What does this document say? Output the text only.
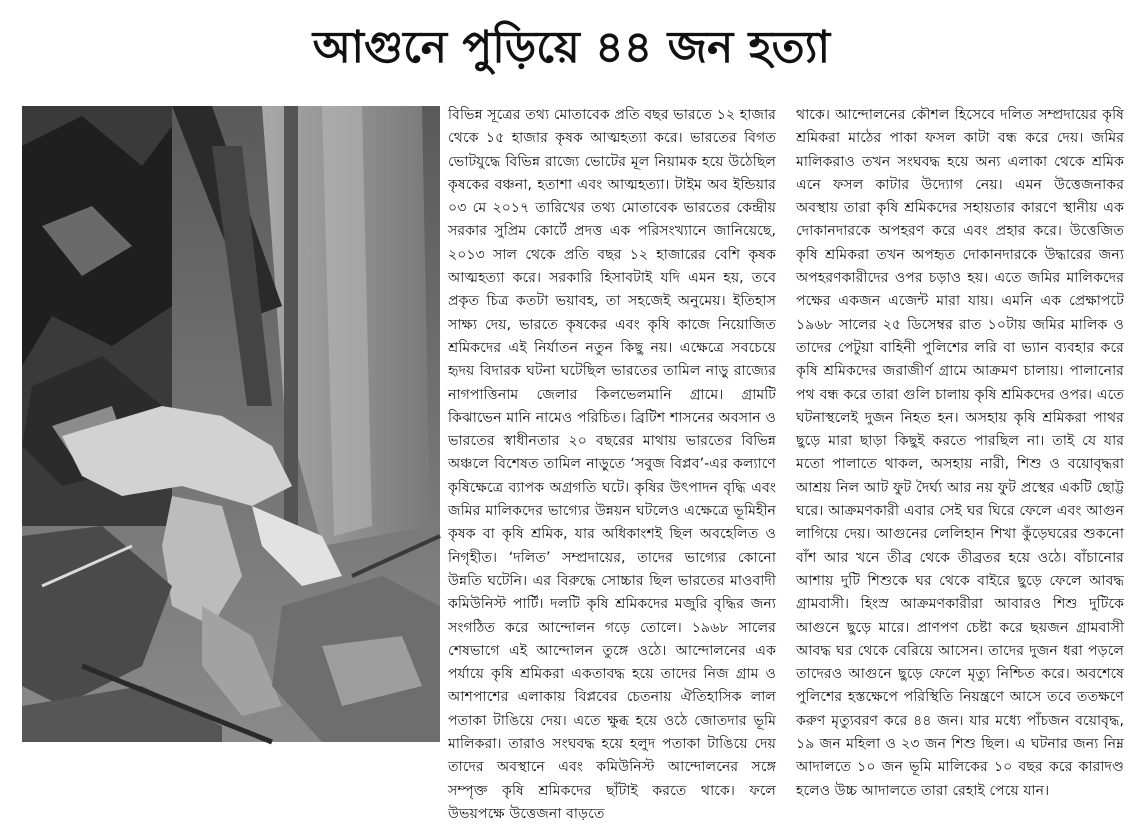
আগুনে পুড়িয়ে ৪৪ জন হত্যা

বিভিন্ন সূত্রের তথ্য মোতাবেক প্রতি বছর ভারতে ১২ হাজার থেকে ১৫ হাজার কৃষক আত্মহত্যা করে। ভারতের বিগত ভোটযুদ্ধে বিভিন্ন রাজ্যে ভোটের মূল নিয়ামক হয়ে উঠেছিল কৃষকের বঞ্চনা, হতাশা এবং আত্মহত্যা। টাইম অব ইন্ডিয়ার ০৩ মে ২০১৭ তারিখের তথ্য মোতাবেক ভারতের কেন্দ্রীয় সরকার সুপ্রিম কোর্টে প্রদত্ত এক পরিসংখ্যানে জানিয়েছে, ২০১৩ সাল থেকে প্রতি বছর ১২ হাজারের বেশি কৃষক আত্মহত্যা করে। সরকারি হিসাবটাই যদি এমন হয়, তবে প্রকৃত চিত্র কতটা ভয়াবহ, তা সহজেই অনুমেয়। ইতিহাস সাক্ষ্য দেয়, ভারতে কৃষকের এবং কৃষি কাজে নিয়োজিত শ্রমিকদের এই নির্যাতন নতুন কিছু নয়। এক্ষেত্রে সবচেয়ে হৃদয় বিদারক ঘটনা ঘটেছিল ভারতের তামিল নাড়ু রাজ্যের নাগপাত্তিনাম জেলার কিলভেলমানি গ্রামে। গ্রামটি কিঝাভেন মানি নামেও পরিচিত। ব্রিটিশ শাসনের অবসান ও ভারতের স্বাধীনতার ২০ বছরের মাথায় ভারতের বিভিন্ন অঞ্চলে বিশেষত তামিল নাড়ুতে ‘সবুজ বিপ্লব’-এর কল্যাণে কৃষিক্ষেত্রে ব্যাপক অগ্রগতি ঘটে। কৃষির উৎপাদন বৃদ্ধি এবং জমির মালিকদের ভাগ্যের উন্নয়ন ঘটলেও এক্ষেত্রে ভূমিহীন কৃষক বা কৃষি শ্রমিক, যার অধিকাংশই ছিল অবহেলিত ও নিগৃহীত। ‘দলিত’ সম্প্রদায়ের, তাদের ভাগ্যের কোনো উন্নতি ঘটেনি। এর বিরুদ্ধে সোচ্চার ছিল ভারতের মাওবাদী কমিউনিস্ট পার্টি। দলটি কৃষি শ্রমিকদের মজুরি বৃদ্ধির জন্য সংগঠিত করে আন্দোলন গড়ে তোলে। ১৯৬৮ সালের শেষভাগে এই আন্দোলন তুঙ্গে ওঠে। আন্দোলনের এক পর্যায়ে কৃষি শ্রমিকরা একতাবদ্ধ হয়ে তাদের নিজ গ্রাম ও আশপাশের এলাকায় বিপ্লবের চেতনায় ঐতিহাসিক লাল পতাকা টাঙিয়ে দেয়। এতে ক্ষুব্ধ হয়ে ওঠে জোতদার ভূমি মালিকরা। তারাও সংঘবদ্ধ হয়ে হলুদ পতাকা টাঙিয়ে দেয় তাদের অবস্থানে এবং কমিউনিস্ট আন্দোলনের সঙ্গে সম্পৃক্ত কৃষি শ্রমিকদের ছাঁটাই করতে থাকে। ফলে উভয়পক্ষে উত্তেজনা বাড়তে

থাকে। আন্দোলনের কৌশল হিসেবে দলিত সম্প্রদায়ের কৃষি শ্রমিকরা মাঠের পাকা ফসল কাটা বন্ধ করে দেয়। জমির মালিকরাও তখন সংঘবদ্ধ হয়ে অন্য এলাকা থেকে শ্রমিক এনে ফসল কাটার উদ্যোগ নেয়। এমন উত্তেজনাকর অবস্থায় তারা কৃষি শ্রমিকদের সহায়তার কারণে স্থানীয় এক দোকানদারকে অপহরণ করে এবং প্রহার করে। উত্তেজিত কৃষি শ্রমিকরা তখন অপহৃত দোকানদারকে উদ্ধারের জন্য অপহরণকারীদের ওপর চড়াও হয়। এতে জমির মালিকদের পক্ষের একজন এজেন্ট মারা যায়। এমনি এক প্রেক্ষাপটে ১৯৬৮ সালের ২৫ ডিসেম্বর রাত ১০টায় জমির মালিক ও তাদের পেটুয়া বাহিনী পুলিশের লরি বা ভ্যান ব্যবহার করে কৃষি শ্রমিকদের জরাজীর্ণ গ্রামে আক্রমণ চালায়। পালানোর পথ বন্ধ করে তারা গুলি চালায় কৃষি শ্রমিকদের ওপর। এতে ঘটনাস্থলেই দুজন নিহত হন। অসহায় কৃষি শ্রমিকরা পাথর ছুড়ে মারা ছাড়া কিছুই করতে পারছিল না। তাই যে যার মতো পালাতে থাকল, অসহায় নারী, শিশু ও বয়োবৃদ্ধরা আশ্রয় নিল আট ফুট দৈর্ঘ্য আর নয় ফুট প্রস্থের একটি ছোট্ট ঘরে। আক্রমণকারী এবার সেই ঘর ঘিরে ফেলে এবং আগুন লাগিয়ে দেয়। আগুনের লেলিহান শিখা কুঁড়েঘরের শুকনো বাঁশ আর খনে তীব্র থেকে তীব্রতর হয়ে ওঠে। বাঁচানোর আশায় দুটি শিশুকে ঘর থেকে বাইরে ছুড়ে ফেলে আবদ্ধ গ্রামবাসী। হিংস্র আক্রমণকারীরা আবারও শিশু দুটিকে আগুনে ছুড়ে মারে। প্রাণপণ চেষ্টা করে ছয়জন গ্রামবাসী আবদ্ধ ঘর থেকে বেরিয়ে আসেন। তাদের দুজন ধরা পড়লে তাদেরও আগুনে ছুড়ে ফেলে মৃত্যু নিশ্চিত করে। অবশেষে পুলিশের হস্তক্ষেপে পরিস্থিতি নিয়ন্ত্রণে আসে তবে ততক্ষণে করুণ মৃত্যুবরণ করে ৪৪ জন। যার মধ্যে পাঁচজন বয়োবৃদ্ধ, ১৯ জন মহিলা ও ২৩ জন শিশু ছিল। এ ঘটনার জন্য নিম্ন আদালতে ১০ জন ভূমি মালিকের ১০ বছর করে কারাদণ্ড হলেও উচ্চ আদালতে তারা রেহাই পেয়ে যান।
